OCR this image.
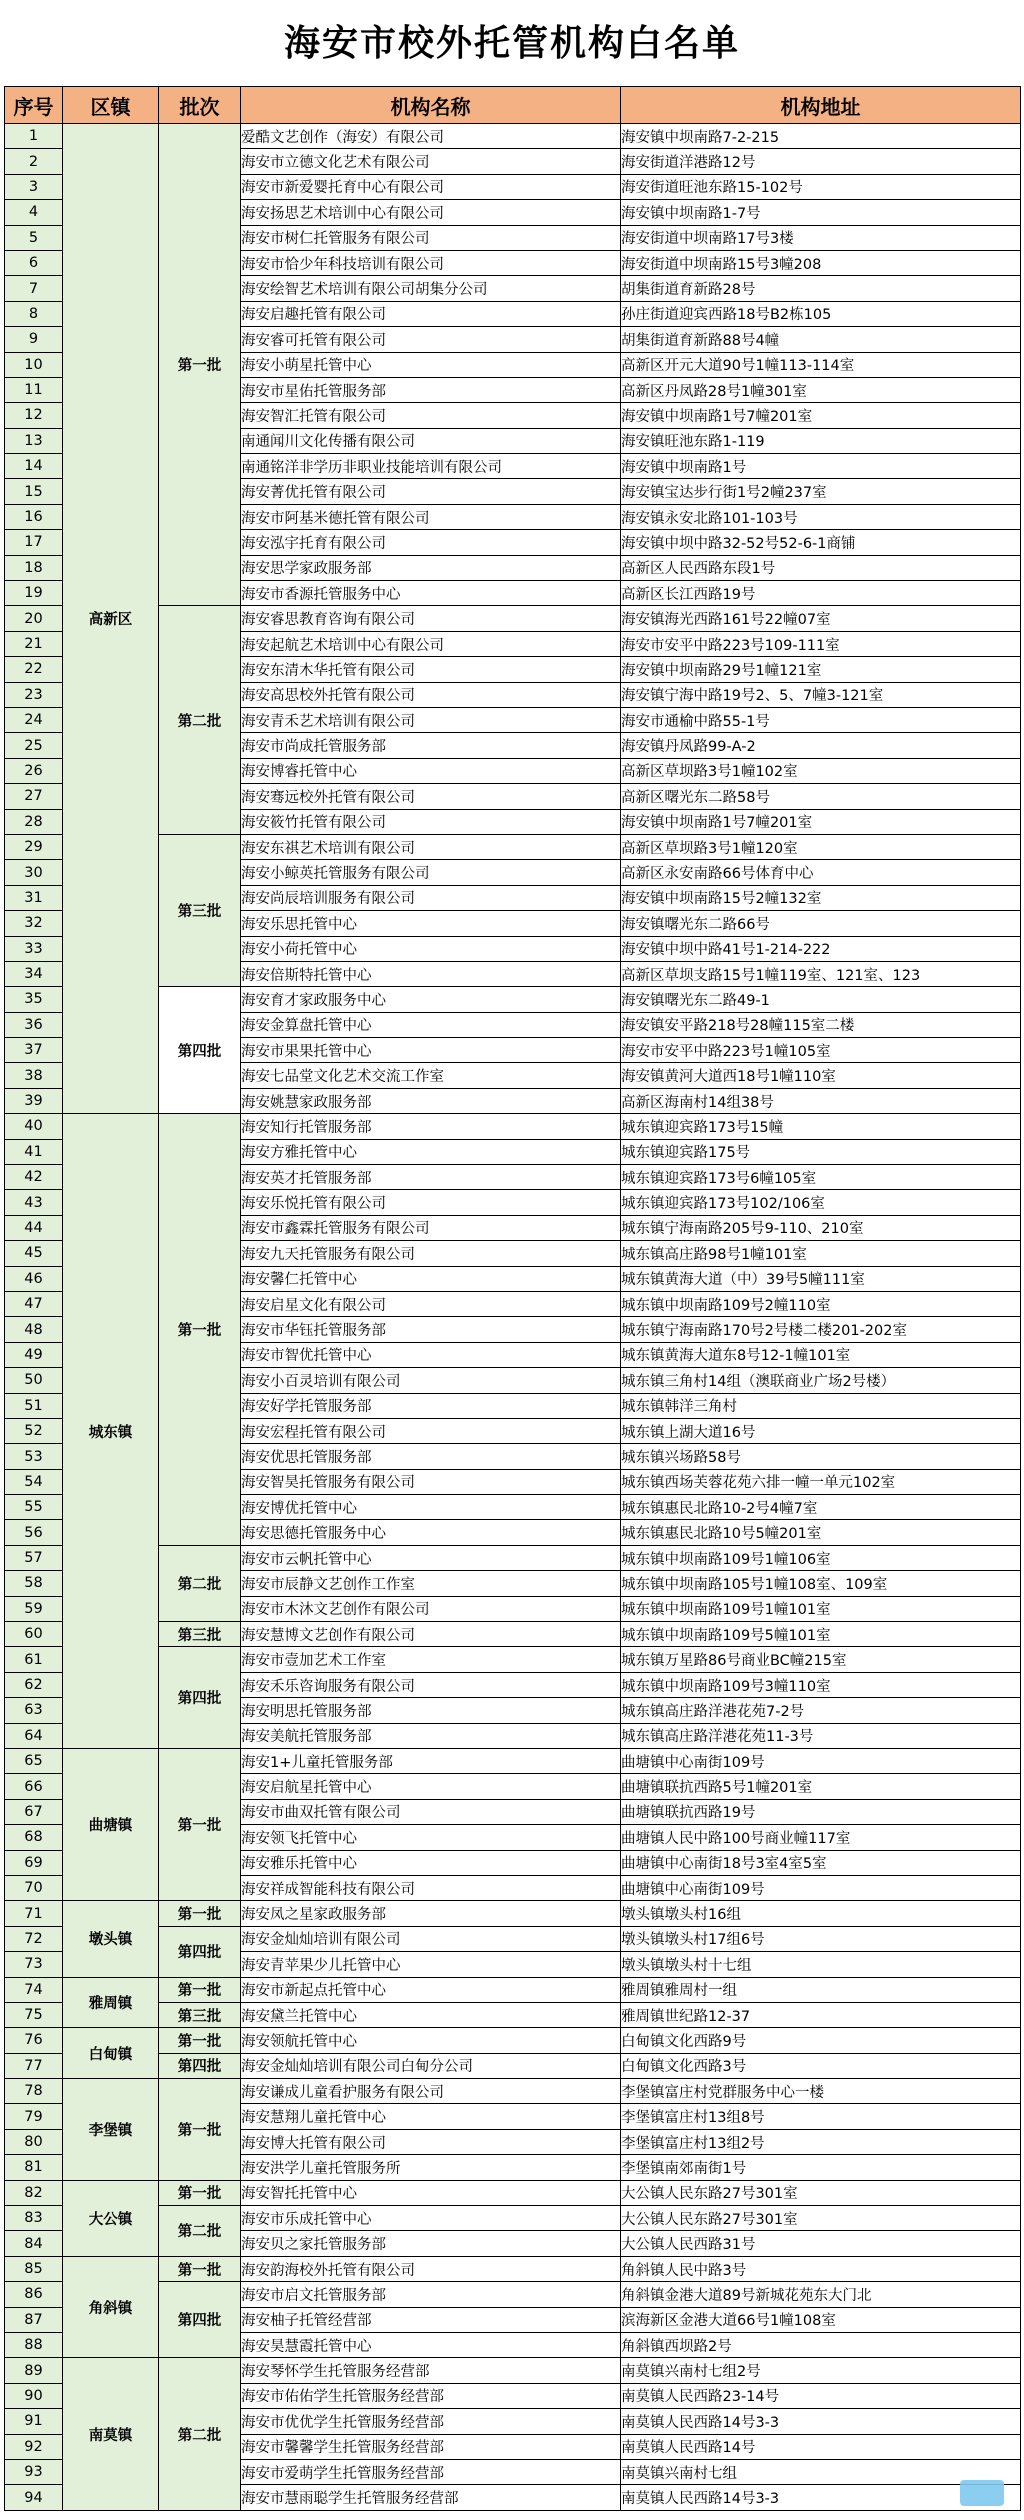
海安市校外托管机构白名单
序号	区镇	批次	机构名称	机构地址
1	高新区	第一批	爱酷文艺创作（海安）有限公司	海安镇中坝南路7-2-215
2			海安市立德文化艺术有限公司	海安街道洋港路12号
3			海安市新爱婴托育中心有限公司	海安街道旺池东路15-102号
4			海安扬思艺术培训中心有限公司	海安镇中坝南路1-7号
5			海安市树仁托管服务有限公司	海安街道中坝南路17号3楼
6			海安市恰少年科技培训有限公司	海安街道中坝南路15号3幢208
7			海安绘智艺术培训有限公司胡集分公司	胡集街道育新路28号
8			海安启趣托管有限公司	孙庄街道迎宾西路18号B2栋105
9			海安睿可托管有限公司	胡集街道育新路88号4幢
10			海安小萌星托管中心	高新区开元大道90号1幢113-114室
11			海安市星佑托管服务部	高新区丹凤路28号1幢301室
12			海安智汇托管有限公司	海安镇中坝南路1号7幢201室
13			南通闻川文化传播有限公司	海安镇旺池东路1-119
14			南通铭洋非学历非职业技能培训有限公司	海安镇中坝南路1号
15			海安菁优托管有限公司	海安镇宝达步行街1号2幢237室
16			海安市阿基米德托管有限公司	海安镇永安北路101-103号
17			海安泓宇托育有限公司	海安镇中坝中路32-52号52-6-1商铺
18			海安思学家政服务部	高新区人民西路东段1号
19			海安市香源托管服务中心	高新区长江西路19号
20		第二批	海安睿思教育咨询有限公司	海安镇海光西路161号22幢07室
21			海安起航艺术培训中心有限公司	海安市安平中路223号109-111室
22			海安东清木华托管有限公司	海安镇中坝南路29号1幢121室
23			海安高思校外托管有限公司	海安镇宁海中路19号2、5、7幢3-121室
24			海安青禾艺术培训有限公司	海安市通榆中路55-1号
25			海安市尚成托管服务部	海安镇丹凤路99-A-2
26			海安博睿托管中心	高新区草坝路3号1幢102室
27			海安骞远校外托管有限公司	高新区曙光东二路58号
28			海安筱竹托管有限公司	海安镇中坝南路1号7幢201室
29		第三批	海安东祺艺术培训有限公司	高新区草坝路3号1幢120室
30			海安小鲸英托管服务有限公司	高新区永安南路66号体育中心
31			海安尚辰培训服务有限公司	海安镇中坝南路15号2幢132室
32			海安乐思托管中心	海安镇曙光东二路66号
33			海安小荷托管中心	海安镇中坝中路41号1-214-222
34			海安倍斯特托管中心	高新区草坝支路15号1幢119室、121室、123
35		第四批	海安育才家政服务中心	海安镇曙光东二路49-1
36			海安金算盘托管中心	海安镇安平路218号28幢115室二楼
37			海安市果果托管中心	海安市安平中路223号1幢105室
38			海安七品堂文化艺术交流工作室	海安镇黄河大道西18号1幢110室
39			海安姚慧家政服务部	高新区海南村14组38号
40	城东镇	第一批	海安知行托管服务部	城东镇迎宾路173号15幢
41			海安方雅托管中心	城东镇迎宾路175号
42			海安英才托管服务部	城东镇迎宾路173号6幢105室
43			海安乐悦托管有限公司	城东镇迎宾路173号102/106室
44			海安市鑫霖托管服务有限公司	城东镇宁海南路205号9-110、210室
45			海安九天托管服务有限公司	城东镇高庄路98号1幢101室
46			海安馨仁托管中心	城东镇黄海大道（中）39号5幢111室
47			海安启星文化有限公司	城东镇中坝南路109号2幢110室
48			海安市华钰托管服务部	城东镇宁海南路170号2号楼二楼201-202室
49			海安市智优托管中心	城东镇黄海大道东8号12-1幢101室
50			海安小百灵培训有限公司	城东镇三角村14组（澳联商业广场2号楼）
51			海安好学托管服务部	城东镇韩洋三角村
52			海安宏程托管有限公司	城东镇上湖大道16号
53			海安优思托管服务部	城东镇兴场路58号
54			海安智昊托管服务有限公司	城东镇西场芙蓉花苑六排一幢一单元102室
55			海安博优托管中心	城东镇惠民北路10-2号4幢7室
56			海安思德托管服务中心	城东镇惠民北路10号5幢201室
57		第二批	海安市云帆托管中心	城东镇中坝南路109号1幢106室
58			海安市辰静文艺创作工作室	城东镇中坝南路105号1幢108室、109室
59			海安市木沐文艺创作有限公司	城东镇中坝南路109号1幢101室
60		第三批	海安慧博文艺创作有限公司	城东镇中坝南路109号5幢101室
61		第四批	海安市壹加艺术工作室	城东镇万星路86号商业BC幢215室
62			海安禾乐咨询服务有限公司	城东镇中坝南路109号3幢110室
63			海安明思托管服务部	城东镇高庄路洋港花苑7-2号
64			海安美航托管服务部	城东镇高庄路洋港花苑11-3号
65	曲塘镇	第一批	海安1+儿童托管服务部	曲塘镇中心南街109号
66			海安启航星托管中心	曲塘镇联抗西路5号1幢201室
67			海安市曲双托管有限公司	曲塘镇联抗西路19号
68			海安领飞托管中心	曲塘镇人民中路100号商业幢117室
69			海安雅乐托管中心	曲塘镇中心南街18号3室4室5室
70			海安祥成智能科技有限公司	曲塘镇中心南街109号
71	墩头镇	第一批	海安凤之星家政服务部	墩头镇墩头村16组
72		第四批	海安金灿灿培训有限公司	墩头镇墩头村17组6号
73			海安青苹果少儿托管中心	墩头镇墩头村十七组
74	雅周镇	第一批	海安市新起点托管中心	雅周镇雅周村一组
75		第三批	海安黛兰托管中心	雅周镇世纪路12-37
76	白甸镇	第一批	海安领航托管中心	白甸镇文化西路9号
77		第四批	海安金灿灿培训有限公司白甸分公司	白甸镇文化西路3号
78	李堡镇	第一批	海安谦成儿童看护服务有限公司	李堡镇富庄村党群服务中心一楼
79			海安慧翔儿童托管中心	李堡镇富庄村13组8号
80			海安博大托管有限公司	李堡镇富庄村13组2号
81			海安洪学儿童托管服务所	李堡镇南郊南街1号
82	大公镇	第一批	海安智托托管中心	大公镇人民东路27号301室
83		第二批	海安市乐成托管中心	大公镇人民东路27号301室
84			海安贝之家托管服务部	大公镇人民西路31号
85	角斜镇	第一批	海安韵海校外托管有限公司	角斜镇人民中路3号
86		第四批	海安市启文托管服务部	角斜镇金港大道89号新城花苑东大门北
87			海安柚子托管经营部	滨海新区金港大道66号1幢108室
88			海安昊慧霞托管中心	角斜镇西坝路2号
89	南莫镇	第二批	海安琴怀学生托管服务经营部	南莫镇兴南村七组2号
90			海安市佑佑学生托管服务经营部	南莫镇人民西路23-14号
91			海安市优优学生托管服务经营部	南莫镇人民西路14号3-3
92			海安市馨馨学生托管服务经营部	南莫镇人民西路14号
93			海安市爱萌学生托管服务经营部	南莫镇兴南村七组
94			海安市慧雨聪学生托管服务经营部	南莫镇人民西路14号3-3
